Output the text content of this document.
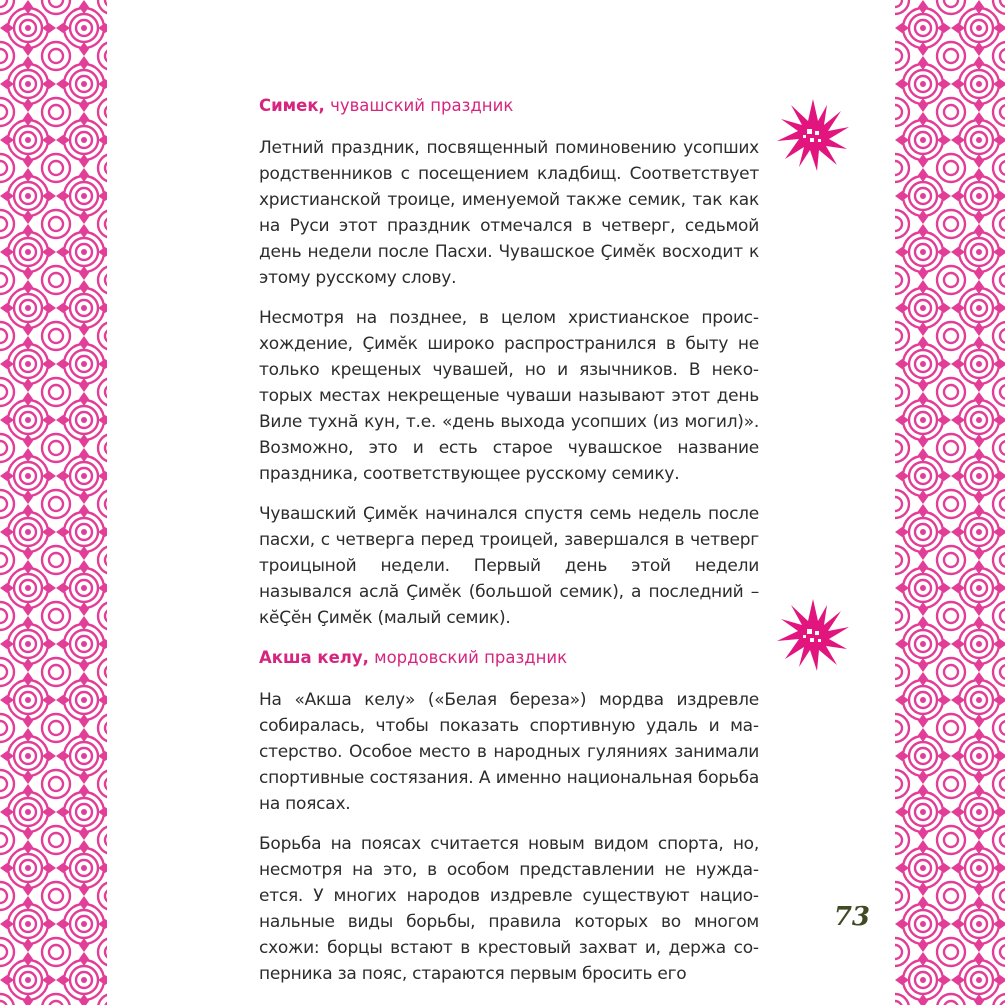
Симек, чувашский праздник

Летний праздник, посвященный поминовению усопших родственников с посещением кладбищ. Соответствует христианской троице, именуемой также семик, так как на Руси этот праздник отмечался в четверг, седьмой день недели после Пасхи. Чувашское Çимĕк восходит к этому русскому слову.

Несмотря на позднее, в целом христианское происхождение, Çимĕк широко распространился в быту не только крещеных чувашей, но и язычников. В некоторых местах некрещеные чуваши называют этот день Виле тухнă кун, т.е. «день выхода усопших (из могил)». Возможно, это и есть старое чувашское название праздника, соответствующее русскому семику.

Чувашский Çимĕк начинался спустя семь недель после пасхи, с четверга перед троицей, завершался в четверг троицыной недели. Первый день этой недели назывался аслă Çимĕк (большой семик), а последний – кĕÇĕн Çимĕк (малый семик).

Акша келу, мордовский праздник

На «Акша келу» («Белая береза») мордва издревле собиралась, чтобы показать спортивную удаль и мастерство. Особое место в народных гуляниях занимали спортивные состязания. А именно национальная борьба на поясах.

Борьба на поясах считается новым видом спорта, но, несмотря на это, в особом представлении не нуждается. У многих народов издревле существуют национальные виды борьбы, правила которых во многом схожи: борцы встают в крестовый захват и, держа соперника за пояс, стараются первым бросить его

73
